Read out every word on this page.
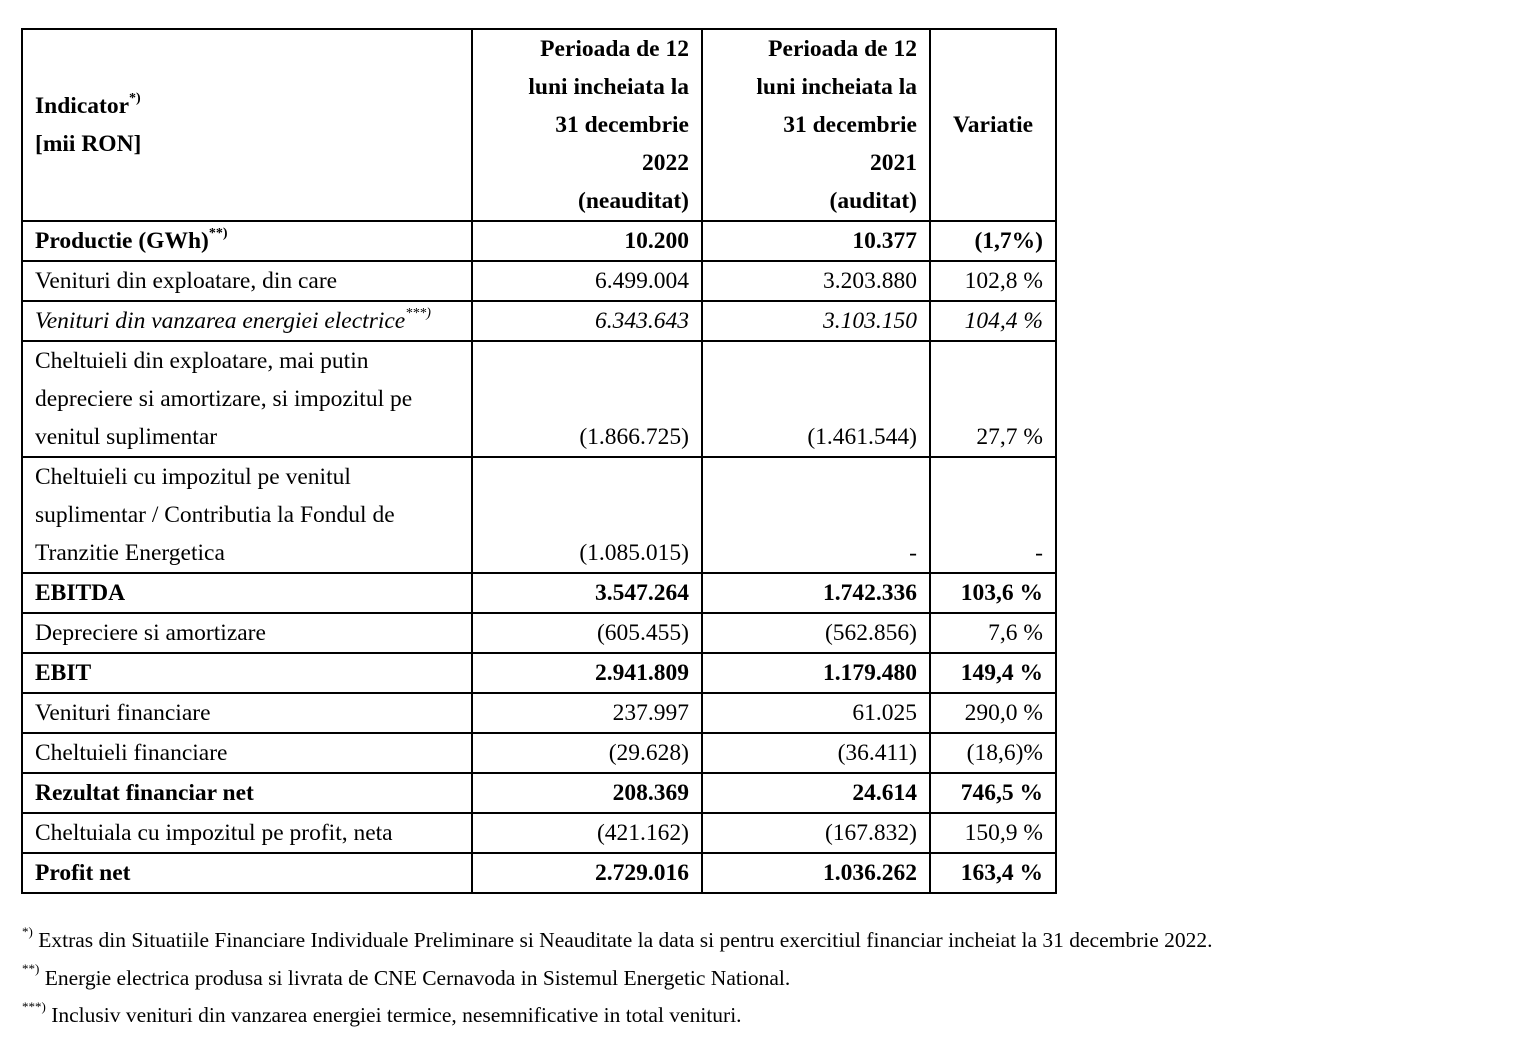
Indicator*)
[mii RON]	Perioada de 12
luni incheiata la
31 decembrie
2022
(neauditat)	Perioada de 12
luni incheiata la
31 decembrie
2021
(auditat)	Variatie
Productie (GWh)**)	10.200	10.377	(1,7%)
Venituri din exploatare, din care	6.499.004	3.203.880	102,8 %
Venituri din vanzarea energiei electrice***)	6.343.643	3.103.150	104,4 %
Cheltuieli din exploatare, mai putin depreciere si amortizare, si impozitul pe venitul suplimentar	(1.866.725)	(1.461.544)	27,7 %
Cheltuieli cu impozitul pe venitul suplimentar / Contributia la Fondul de Tranzitie Energetica	(1.085.015)	-	-
EBITDA	3.547.264	1.742.336	103,6 %
Depreciere si amortizare	(605.455)	(562.856)	7,6 %
EBIT	2.941.809	1.179.480	149,4 %
Venituri financiare	237.997	61.025	290,0 %
Cheltuieli financiare	(29.628)	(36.411)	(18,6)%
Rezultat financiar net	208.369	24.614	746,5 %
Cheltuiala cu impozitul pe profit, neta	(421.162)	(167.832)	150,9 %
Profit net	2.729.016	1.036.262	163,4 %
*) Extras din Situatiile Financiare Individuale Preliminare si Neauditate la data si pentru exercitiul financiar incheiat la 31 decembrie 2022.
**) Energie electrica produsa si livrata de CNE Cernavoda in Sistemul Energetic National.
***) Inclusiv venituri din vanzarea energiei termice, nesemnificative in total venituri.
